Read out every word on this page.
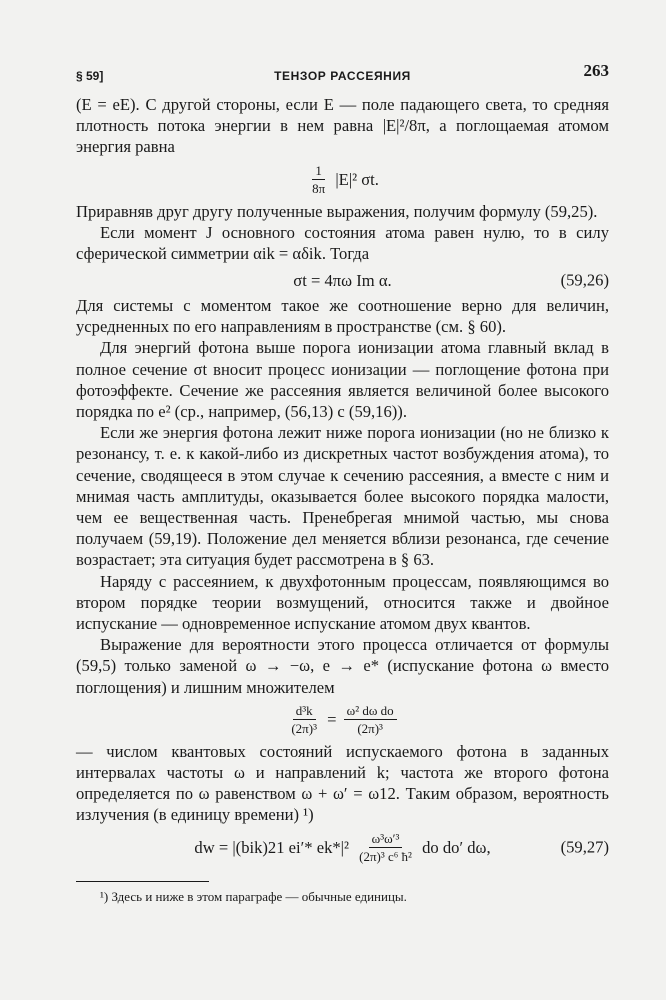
§ 59]	ТЕНЗОР РАССЕЯНИЯ	263

(E = eE). С другой стороны, если E — поле падающего света, то средняя плотность потока энергии в нем равна |E|²/8π, а поглощаемая атомом энергия равна

$\frac{1}{8\pi} |E|^2$ σt.

Приравняв друг другу полученные выражения, получим формулу (59,25).

Если момент J основного состояния атома равен нулю, то в силу сферической симметрии αik = αδik. Тогда

σt = 4πω Im α.	(59,26)

Для системы с моментом такое же соотношение верно для величин, усредненных по его направлениям в пространстве (см. § 60).

Для энергий фотона выше порога ионизации атома главный вклад в полное сечение σt вносит процесс ионизации — поглощение фотона при фотоэффекте. Сечение же рассеяния является величиной более высокого порядка по e² (ср., например, (56,13) с (59,16)).

Если же энергия фотона лежит ниже порога ионизации (но не близко к резонансу, т. е. к какой-либо из дискретных частот возбуждения атома), то сечение, сводящееся в этом случае к сечению рассеяния, а вместе с ним и мнимая часть амплитуды, оказывается более высокого порядка малости, чем ее вещественная часть. Пренебрегая мнимой частью, мы снова получаем (59,19). Положение дел меняется вблизи резонанса, где сечение возрастает; эта ситуация будет рассмотрена в § 63.

Наряду с рассеянием, к двухфотонным процессам, появляющимся во втором порядке теории возмущений, относится также и двойное испускание — одновременное испускание атомом двух квантов.

Выражение для вероятности этого процесса отличается от формулы (59,5) только заменой ω → −ω, e → e* (испускание фотона ω вместо поглощения) и лишним множителем

$\frac{\text{d³k}}{\text{(2π)³}} = \frac{\text{ω² dω do}}{\text{(2π)³}}$

— числом квантовых состояний испускаемого фотона в заданных интервалах частоты ω и направлений k; частота же второго фотона определяется по ω равенством ω + ω′ = ω12. Таким образом, вероятность излучения (в единицу времени) ¹)

dw = |(bik)21 ei′* $ek*|^2 \frac{\text{ω³ω′³}}{\text{(2π)³ c⁶ ħ²}}$ do do′ dω,	(59,27)

¹) Здесь и ниже в этом параграфе — обычные единицы.
